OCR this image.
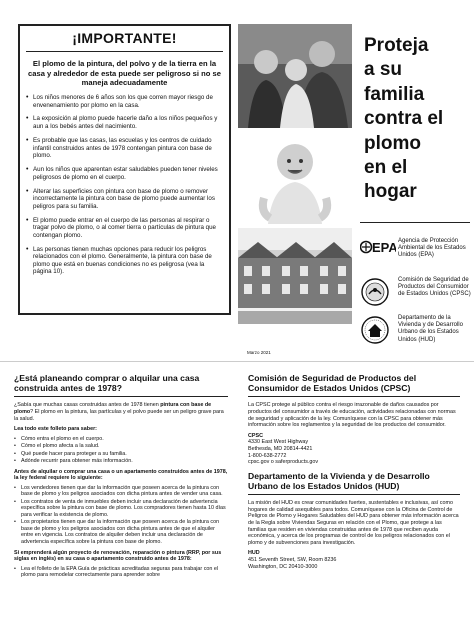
¡IMPORTANTE!
El plomo de la pintura, del polvo y de la tierra en la casa y alrededor de esta puede ser peligroso si no se maneja adecuadamente
• Los niños menores de 6 años son los que corren mayor riesgo de envenenamiento por plomo en la casa.
• La exposición al plomo puede hacerle daño a los niños pequeños y aun a los bebés antes del nacimiento.
• Es probable que las casas, las escuelas y los centros de cuidado infantil construidos antes de 1978 contengan pintura con base de plomo.
• Aun los niños que aparentan estar saludables pueden tener niveles peligrosos de plomo en el cuerpo.
• Alterar las superficies con pintura con base de plomo o remover incorrectamente la pintura con base de plomo puede aumentar los peligros para su familia.
• El plomo puede entrar en el cuerpo de las personas al respirar o tragar polvo de plomo, o al comer tierra o partículas de pintura que contengan plomo.
• Las personas tienen muchas opciones para reducir los peligros relacionados con el plomo. Generalmente, la pintura con base de plomo que está en buenas condiciones no es peligrosa (vea la página 10).
Proteja
a su
familia
contra el
plomo
en el
hogar
EPA Agencia de Protección Ambiental de los Estados Unidos (EPA)
Comisión de Seguridad de Productos del Consumidor de Estados Unidos (CPSC)
Departamento de la Vivienda y de Desarrollo Urbano de los Estados Unidos (HUD)
Marzo 2021
¿Está planeando comprar o alquilar una casa construida antes de 1978?

¿Sabía que muchas casas construidas antes de 1978 tienen pintura con base de plomo? El plomo en la pintura, las partículas y el polvo puede ser un peligro grave para la salud.

Lea todo este folleto para saber:

• Cómo entra el plomo en el cuerpo.
• Cómo el plomo afecta a la salud.
• Qué puede hacer para proteger a su familia.
• Adónde recurrir para obtener más información.

Antes de alquilar o comprar una casa o un apartamento construidos antes de 1978, la ley federal requiere lo siguiente:

• Los vendedores tienen que dar la información que poseen acerca de la pintura con base de plomo y los peligros asociados con dicha pintura antes de vender una casa.
• Los contratos de venta de inmuebles deben incluir una declaración de advertencia específica sobre la pintura con base de plomo. Los compradores tienen hasta 10 días para verificar la existencia de plomo.
• Los propietarios tienen que dar la información que poseen acerca de la pintura con base de plomo y los peligros asociados con dicha pintura antes de que el alquiler entre en vigencia. Los contratos de alquiler deben incluir una declaración de advertencia específica sobre la pintura con base de plomo.

Si emprenderá algún proyecto de renovación, reparación o pintura (RRP, por sus siglas en inglés) en su casa o apartamento construido antes de 1978:

• Lea el folleto de la EPA Guía de prácticas acreditadas seguras para trabajar con el plomo para remodelar correctamente para aprender sobre
Comisión de Seguridad de Productos del Consumidor de Estados Unidos (CPSC)

La CPSC protege al público contra el riesgo irrazonable de daños causados por productos del consumidor a través de educación, actividades relacionadas con normas de seguridad y aplicación de la ley. Comuníquese con la CPSC para obtener más información sobre los reglamentos y la seguridad de los productos del consumidor.

CPSC
4330 East West Highway
Bethesda, MD 20814-4421
1-800-638-2772
cpsc.gov o saferproducts.gov
Departamento de la Vivienda y de Desarrollo Urbano de los Estados Unidos (HUD)

La misión del HUD es crear comunidades fuertes, sustentables e inclusivas, así como hogares de calidad asequibles para todos. Comuníquese con la Oficina de Control de Peligros de Plomo y Hogares Saludables del HUD para obtener más información acerca de la Regla sobre Viviendas Seguras en relación con el Plomo, que protege a las familias que residen en viviendas construidas antes de 1978 que reciben ayuda económica, y acerca de los programas de control de los peligros relacionados con el plomo y de subvenciones para investigación.

HUD
451 Seventh Street, SW, Room 8236
Washington, DC 20410-3000
